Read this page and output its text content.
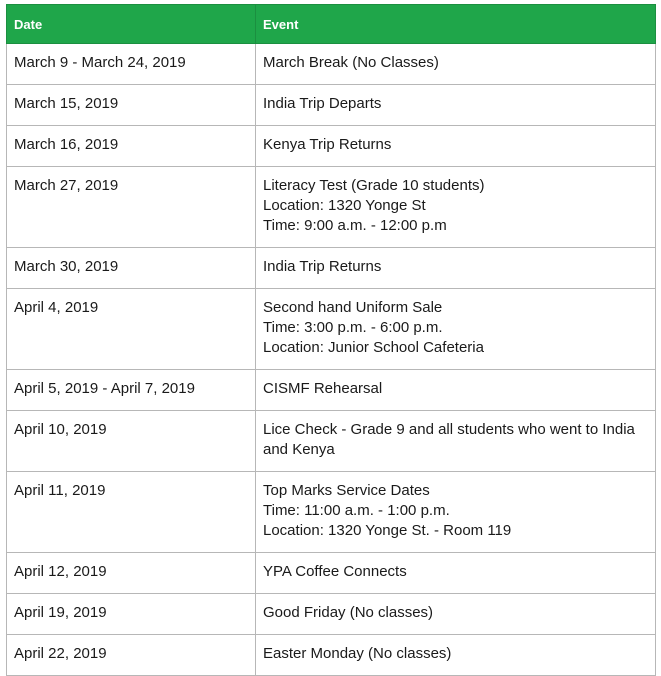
Date	Event
March 9 - March 24, 2019	March Break (No Classes)

March 15, 2019	India Trip Departs

March 16, 2019	Kenya Trip Returns

March 27, 2019	Literacy Test (Grade 10 students)
Location: 1320 Yonge St
Time: 9:00 a.m. - 12:00 p.m

March 30, 2019	India Trip Returns

April 4, 2019	Second hand Uniform Sale
Time: 3:00 p.m. - 6:00 p.m.
Location: Junior School Cafeteria

April 5, 2019 - April 7, 2019	CISMF Rehearsal

April 10, 2019	Lice Check - Grade 9 and all students who went to India and Kenya

April 11, 2019	Top Marks Service Dates
Time: 11:00 a.m. - 1:00 p.m.
Location: 1320 Yonge St. - Room 119

April 12, 2019	YPA Coffee Connects

April 19, 2019	Good Friday (No classes)

April 22, 2019	Easter Monday (No classes)
